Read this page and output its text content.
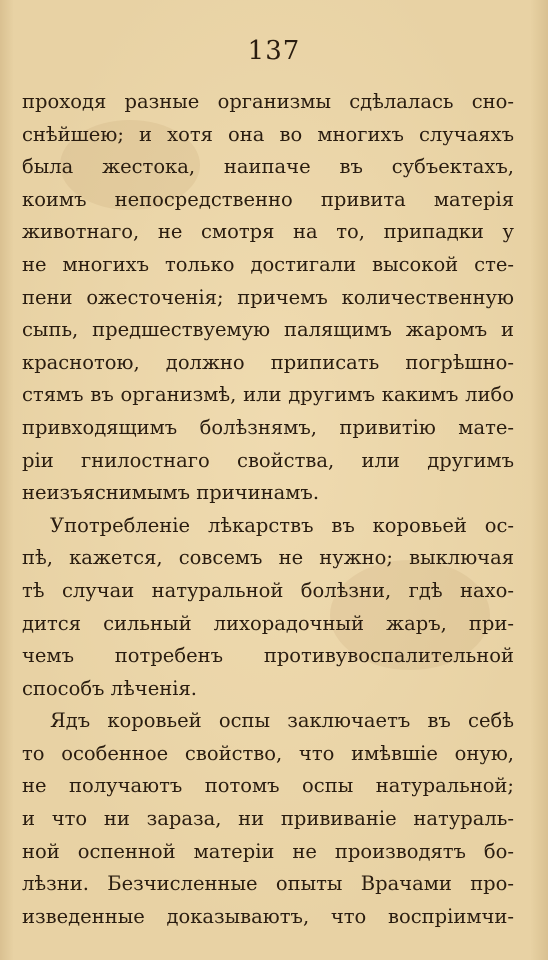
137
проходя разные организмы сдѣлалась сно-
снѣйшею; и хотя она во многихъ случаяхъ
была жестока, наипаче въ субъектахъ,
коимъ непосредственно привита матерія
животнаго, не смотря на то, припадки у
не многихъ только достигали высокой сте-
пени ожесточенія; причемъ количественную
сыпь, предшествуемую палящимъ жаромъ и
краснотою, должно приписать погрѣшно-
стямъ въ организмѣ, или другимъ какимъ либо
привходящимъ болѣзнямъ, привитію мате-
ріи гнилостнаго свойства, или другимъ
неизъяснимымъ причинамъ.
Употребленіе лѣкарствъ въ коровьей ос-
пѣ, кажется, совсемъ не нужно; выключая
тѣ случаи натуральной болѣзни, гдѣ нахо-
дится сильный лихорадочный жаръ, при-
чемъ потребенъ противувоспалительной
способъ лѣченія.
Ядъ коровьей оспы заключаетъ въ себѣ
то особенное свойство, что имѣвшіе оную,
не получаютъ потомъ оспы натуральной;
и что ни зараза, ни прививаніе натураль-
ной оспенной матеріи не производятъ бо-
лѣзни. Безчисленные опыты Врачами про-
изведенные доказываютъ, что воспріимчи-
